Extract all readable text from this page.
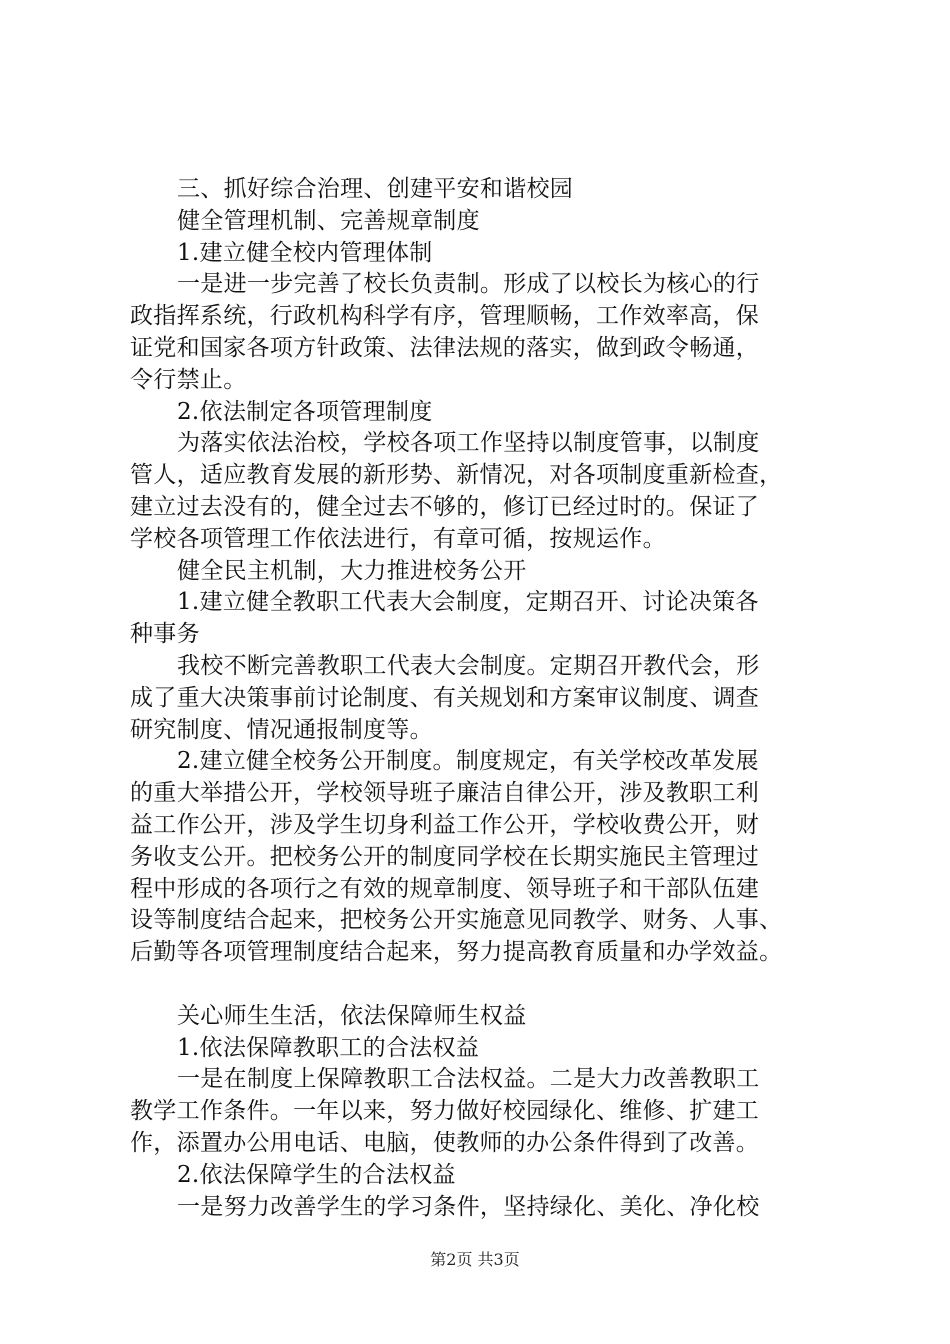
三、抓好综合治理、创建平安和谐校园
健全管理机制、完善规章制度
1.建立健全校内管理体制
一是进一步完善了校长负责制。形成了以校长为核心的行
政指挥系统，行政机构科学有序，管理顺畅，工作效率高，保
证党和国家各项方针政策、法律法规的落实，做到政令畅通，
令行禁止。
2.依法制定各项管理制度
为落实依法治校，学校各项工作坚持以制度管事，以制度
管人，适应教育发展的新形势、新情况，对各项制度重新检查，
建立过去没有的，健全过去不够的，修订已经过时的。保证了
学校各项管理工作依法进行，有章可循，按规运作。
健全民主机制，大力推进校务公开
1.建立健全教职工代表大会制度，定期召开、讨论决策各
种事务
我校不断完善教职工代表大会制度。定期召开教代会，形
成了重大决策事前讨论制度、有关规划和方案审议制度、调查
研究制度、情况通报制度等。
2.建立健全校务公开制度。制度规定，有关学校改革发展
的重大举措公开，学校领导班子廉洁自律公开，涉及教职工利
益工作公开，涉及学生切身利益工作公开，学校收费公开，财
务收支公开。把校务公开的制度同学校在长期实施民主管理过
程中形成的各项行之有效的规章制度、领导班子和干部队伍建
设等制度结合起来，把校务公开实施意见同教学、财务、人事、
后勤等各项管理制度结合起来，努力提高教育质量和办学效益。
关心师生生活，依法保障师生权益
1.依法保障教职工的合法权益
一是在制度上保障教职工合法权益。二是大力改善教职工
教学工作条件。一年以来，努力做好校园绿化、维修、扩建工
作，添置办公用电话、电脑，使教师的办公条件得到了改善。
2.依法保障学生的合法权益
一是努力改善学生的学习条件，坚持绿化、美化、净化校
第2页 共3页
